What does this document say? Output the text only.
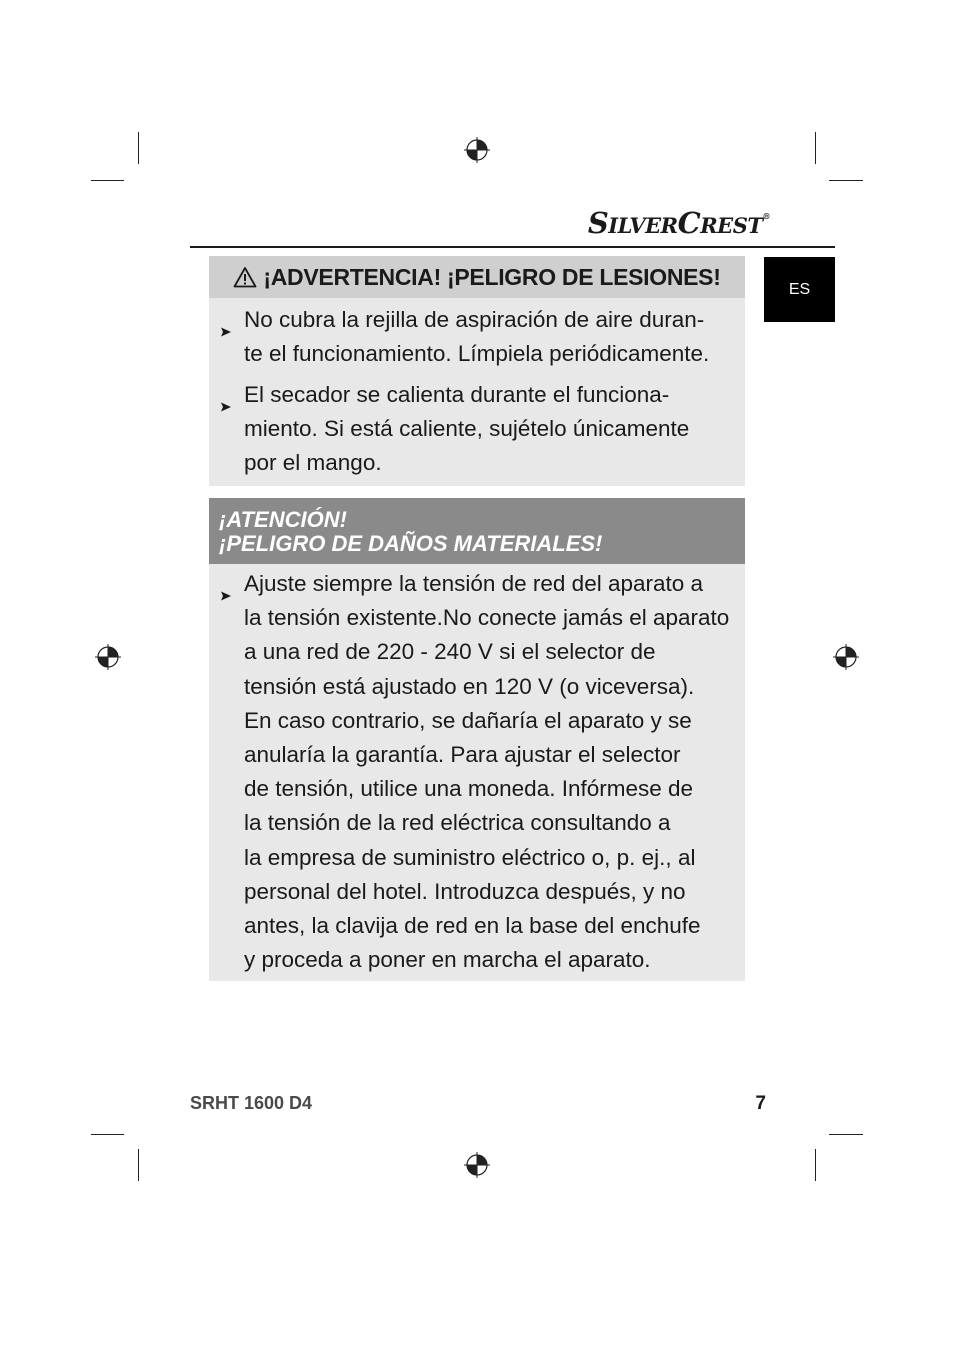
SILVERCREST®
ES
¡ADVERTENCIA! ¡PELIGRO DE LESIONES!

No cubra la rejilla de aspiración de aire duran-
te el funcionamiento. Límpiela periódicamente.

El secador se calienta durante el funciona-
miento. Si está caliente, sujételo únicamente
por el mango.

¡ATENCIÓN!
¡PELIGRO DE DAÑOS MATERIALES!

Ajuste siempre la tensión de red del aparato a
la tensión existente.No conecte jamás el aparato
a una red de 220 - 240 V si el selector de
tensión está ajustado en 120 V (o viceversa).
En caso contrario, se dañaría el aparato y se
anularía la garantía. Para ajustar el selector
de tensión, utilice una moneda. Infórmese de
la tensión de la red eléctrica consultando a
la empresa de suministro eléctrico o, p. ej., al
personal del hotel. Introduzca después, y no
antes, la clavija de red en la base del enchufe
y proceda a poner en marcha el aparato.

SRHT 1600 D4	7
